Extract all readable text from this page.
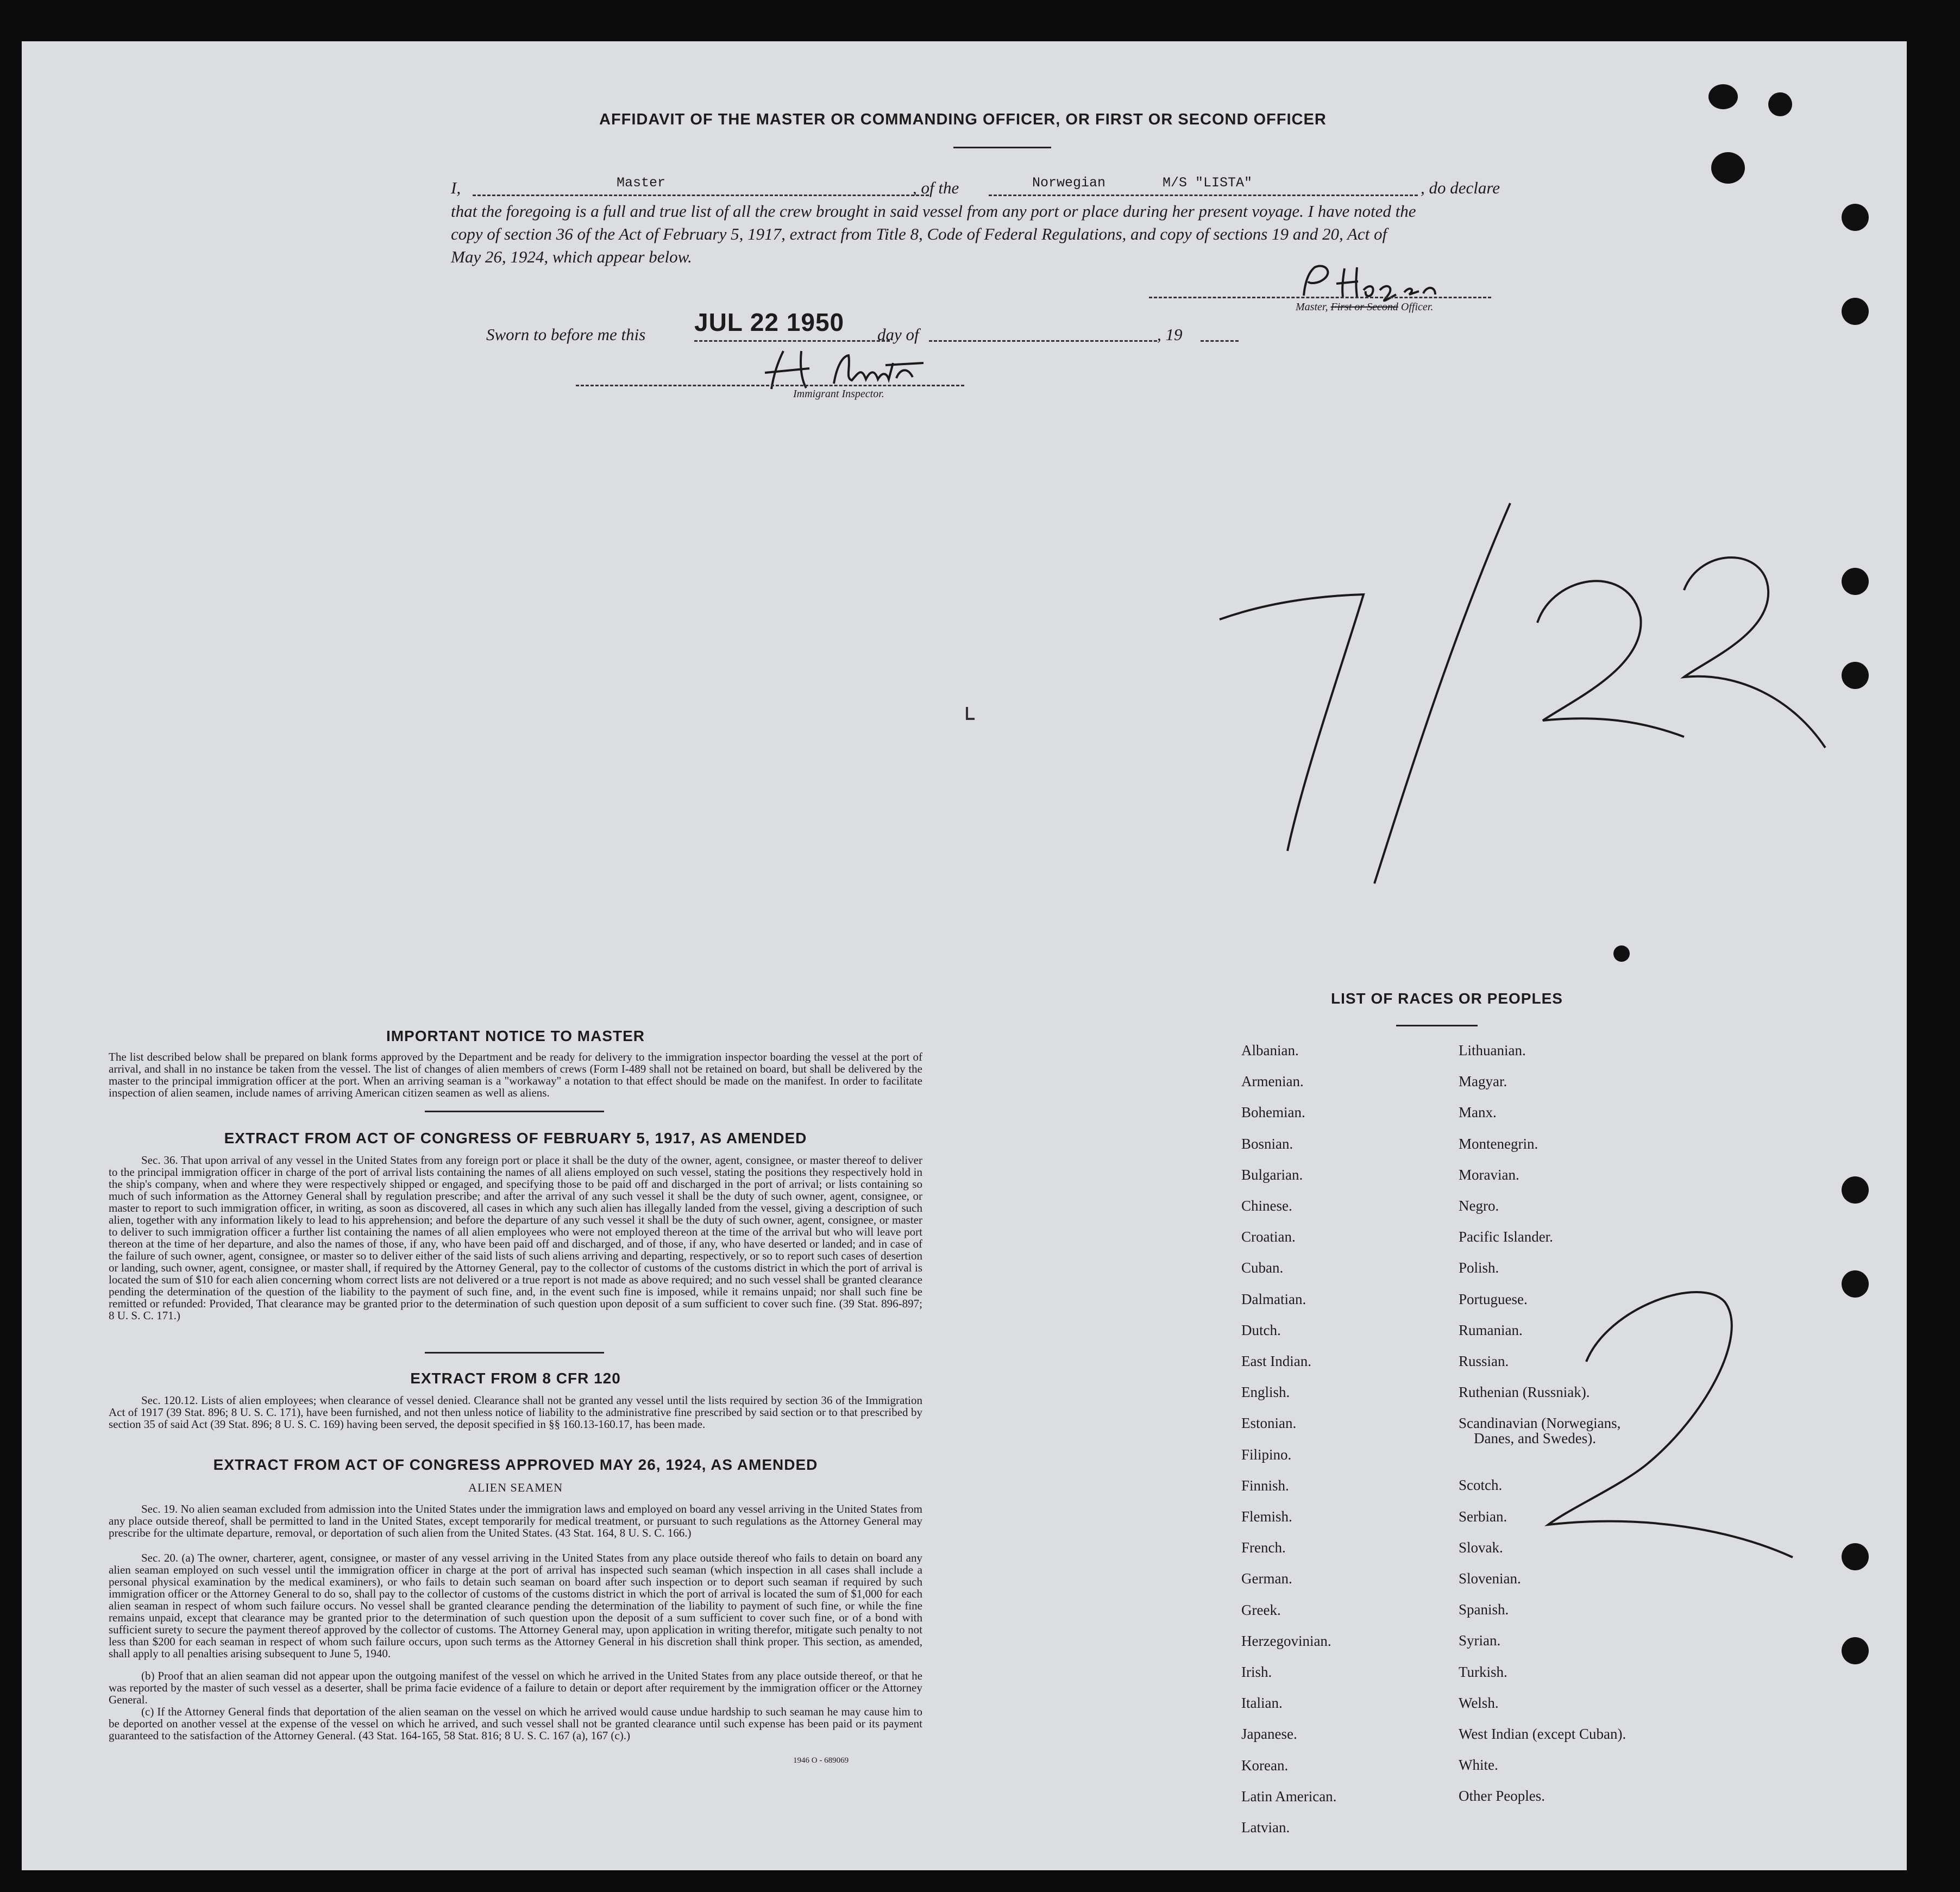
AFFIDAVIT OF THE MASTER OR COMMANDING OFFICER, OR FIRST OR SECOND OFFICER
I,	Master	, of the	Norwegian	M/S "LISTA"	, do declare
that the foregoing is a full and true list of all the crew brought in said vessel from any port or place during her present voyage. I have noted the
copy of section 36 of the Act of February 5, 1917, extract from Title 8, Code of Federal Regulations, and copy of sections 19 and 20, Act of
May 26, 1924, which appear below.
Master, First or Second Officer.
Sworn to before me this JUL 22 1950 day of	, 19
Immigrant Inspector.
IMPORTANT NOTICE TO MASTER
The list described below shall be prepared on blank forms approved by the Department and be ready for delivery to the immigration inspector boarding the vessel at the port of arrival, and shall in no instance be taken from the vessel. The list of changes of alien members of crews (Form I-489 shall not be retained on board, but shall be delivered by the master to the principal immigration officer at the port. When an arriving seaman is a "workaway" a notation to that effect should be made on the manifest. In order to facilitate inspection of alien seamen, include names of arriving American citizen seamen as well as aliens.
EXTRACT FROM ACT OF CONGRESS OF FEBRUARY 5, 1917, AS AMENDED
Sec. 36. That upon arrival of any vessel in the United States from any foreign port or place it shall be the duty of the owner, agent, consignee, or master thereof to deliver to the principal immigration officer in charge of the port of arrival lists containing the names of all aliens employed on such vessel, stating the positions they respectively hold in the ship's company, when and where they were respectively shipped or engaged, and specifying those to be paid off and discharged in the port of arrival; or lists containing so much of such information as the Attorney General shall by regulation prescribe; and after the arrival of any such vessel it shall be the duty of such owner, agent, consignee, or master to report to such immigration officer, in writing, as soon as discovered, all cases in which any such alien has illegally landed from the vessel, giving a description of such alien, together with any information likely to lead to his apprehension; and before the departure of any such vessel it shall be the duty of such owner, agent, consignee, or master to deliver to such immigration officer a further list containing the names of all alien employees who were not employed thereon at the time of the arrival but who will leave port thereon at the time of her departure, and also the names of those, if any, who have been paid off and discharged, and of those, if any, who have deserted or landed; and in case of the failure of such owner, agent, consignee, or master so to deliver either of the said lists of such aliens arriving and departing, respectively, or so to report such cases of desertion or landing, such owner, agent, consignee, or master shall, if required by the Attorney General, pay to the collector of customs of the customs district in which the port of arrival is located the sum of $10 for each alien concerning whom correct lists are not delivered or a true report is not made as above required; and no such vessel shall be granted clearance pending the determination of the question of the liability to the payment of such fine, and, in the event such fine is imposed, while it remains unpaid; nor shall such fine be remitted or refunded: Provided, That clearance may be granted prior to the determination of such question upon deposit of a sum sufficient to cover such fine. (39 Stat. 896-897; 8 U. S. C. 171.)
EXTRACT FROM 8 CFR 120
Sec. 120.12. Lists of alien employees; when clearance of vessel denied. Clearance shall not be granted any vessel until the lists required by section 36 of the Immigration Act of 1917 (39 Stat. 896; 8 U. S. C. 171), have been furnished, and not then unless notice of liability to the administrative fine prescribed by said section or to that prescribed by section 35 of said Act (39 Stat. 896; 8 U. S. C. 169) having been served, the deposit specified in §§ 160.13-160.17, has been made.
EXTRACT FROM ACT OF CONGRESS APPROVED MAY 26, 1924, AS AMENDED
ALIEN SEAMEN
Sec. 19. No alien seaman excluded from admission into the United States under the immigration laws and employed on board any vessel arriving in the United States from any place outside thereof, shall be permitted to land in the United States, except temporarily for medical treatment, or pursuant to such regulations as the Attorney General may prescribe for the ultimate departure, removal, or deportation of such alien from the United States. (43 Stat. 164, 8 U. S. C. 166.)
Sec. 20. (a) The owner, charterer, agent, consignee, or master of any vessel arriving in the United States from any place outside thereof who fails to detain on board any alien seaman employed on such vessel until the immigration officer in charge at the port of arrival has inspected such seaman (which inspection in all cases shall include a personal physical examination by the medical examiners), or who fails to detain such seaman on board after such inspection or to deport such seaman if required by such immigration officer or the Attorney General to do so, shall pay to the collector of customs of the customs district in which the port of arrival is located the sum of $1,000 for each alien seaman in respect of whom such failure occurs. No vessel shall be granted clearance pending the determination of the liability to payment of such fine, or while the fine remains unpaid, except that clearance may be granted prior to the determination of such question upon the deposit of a sum sufficient to cover such fine, or of a bond with sufficient surety to secure the payment thereof approved by the collector of customs. The Attorney General may, upon application in writing therefor, mitigate such penalty to not less than $200 for each seaman in respect of whom such failure occurs, upon such terms as the Attorney General in his discretion shall think proper. This section, as amended, shall apply to all penalties arising subsequent to June 5, 1940.
(b) Proof that an alien seaman did not appear upon the outgoing manifest of the vessel on which he arrived in the United States from any place outside thereof, or that he was reported by the master of such vessel as a deserter, shall be prima facie evidence of a failure to detain or deport after requirement by the immigration officer or the Attorney General.
(c) If the Attorney General finds that deportation of the alien seaman on the vessel on which he arrived would cause undue hardship to such seaman he may cause him to be deported on another vessel at the expense of the vessel on which he arrived, and such vessel shall not be granted clearance until such expense has been paid or its payment guaranteed to the satisfaction of the Attorney General. (43 Stat. 164-165, 58 Stat. 816; 8 U. S. C. 167 (a), 167 (c).)
1946 O - 689069
LIST OF RACES OR PEOPLES
Albanian.
Armenian.
Bohemian.
Bosnian.
Bulgarian.
Chinese.
Croatian.
Cuban.
Dalmatian.
Dutch.
East Indian.
English.
Estonian.
Filipino.
Finnish.
Flemish.
French.
German.
Greek.
Herzegovinian.
Irish.
Italian.
Japanese.
Korean.
Latin American.
Latvian.
Lithuanian.
Magyar.
Manx.
Montenegrin.
Moravian.
Negro.
Pacific Islander.
Polish.
Portuguese.
Rumanian.
Russian.
Ruthenian (Russniak).
Scandinavian (Norwegians,
Danes, and Swedes).
Scotch.
Serbian.
Slovak.
Slovenian.
Spanish.
Syrian.
Turkish.
Welsh.
West Indian (except Cuban).
White.
Other Peoples.
